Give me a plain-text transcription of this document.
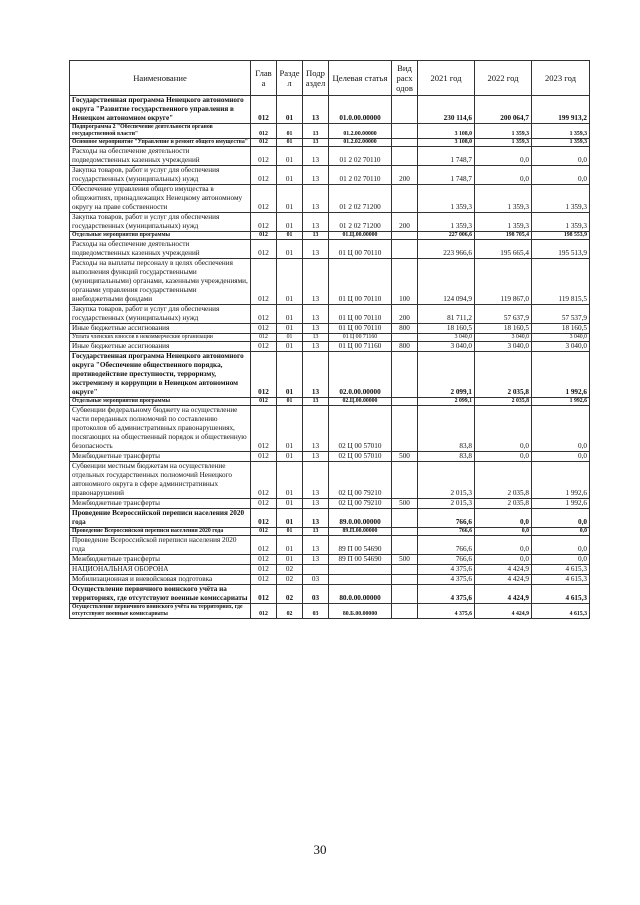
Наименование	Глав а	Разде л	Подр аздел	Целевая статья	Вид расх одов	2021 год	2022 год	2023 год
Государственная программа Ненецкого автономного округа "Развитие государственного управления в Ненецком автономном округе"	012	01	13	01.0.00.00000		230 114,6	200 064,7	199 913,2
Подпрограмма 2 "Обеспечение деятельности органов государственной власти"	012	01	13	01.2.00.00000		3 108,0	1 359,3	1 359,3
Основное мероприятие "Управление и ремонт общего имущества"	012	01	13	01.2.02.00000		3 108,0	1 359,3	1 359,3
Расходы на обеспечение деятельности подведомственных казенных учреждений	012	01	13	01 2 02 70110		1 748,7	0,0	0,0
Закупка товаров, работ и услуг для обеспечения государственных (муниципальных) нужд	012	01	13	01 2 02 70110	200	1 748,7	0,0	0,0
Обеспечение управления общего имущества в общежитиях, принадлежащих Ненецкому автономному округу на праве собственности	012	01	13	01 2 02 71200		1 359,3	1 359,3	1 359,3
Закупка товаров, работ и услуг для обеспечения государственных (муниципальных) нужд	012	01	13	01 2 02 71200	200	1 359,3	1 359,3	1 359,3
Отдельные мероприятия программы	012	01	13	01.Ц.00.00000		227 006,6	198 705,4	198 553,9
Расходы на обеспечение деятельности подведомственных казенных учреждений	012	01	13	01 Ц 00 70110		223 966,6	195 665,4	195 513,9
Расходы на выплаты персоналу в целях обеспечения выполнения функций государственными (муниципальными) органами, казенными учреждениями, органами управления государственными внебюджетными фондами	012	01	13	01 Ц 00 70110	100	124 094,9	119 867,0	119 815,5
Закупка товаров, работ и услуг для обеспечения государственных (муниципальных) нужд	012	01	13	01 Ц 00 70110	200	81 711,2	57 637,9	57 537,9
Иные бюджетные ассигнования	012	01	13	01 Ц 00 70110	800	18 160,5	18 160,5	18 160,5
Уплата членских взносов в некоммерческие организации	012	01	13	01 Ц 00 71160		3 040,0	3 040,0	3 040,0
Иные бюджетные ассигнования	012	01	13	01 Ц 00 71160	800	3 040,0	3 040,0	3 040,0
Государственная программа Ненецкого автономного округа "Обеспечение общественного порядка, противодействие преступности, терроризму, экстремизму и коррупции в Ненецком автономном округе"	012	01	13	02.0.00.00000		2 099,1	2 035,8	1 992,6
Отдельные мероприятия программы	012	01	13	02.Ц.00.00000		2 099,1	2 035,8	1 992,6
Субвенции федеральному бюджету на осуществление части переданных полномочий по составлению протоколов об административных правонарушениях, посягающих на общественный порядок и общественную безопасность	012	01	13	02 Ц 00 57010		83,8	0,0	0,0
Межбюджетные трансферты	012	01	13	02 Ц 00 57010	500	83,8	0,0	0,0
Субвенции местным бюджетам на осуществление отдельных государственных полномочий Ненецкого автономного округа в сфере административных правонарушений	012	01	13	02 Ц 00 79210		2 015,3	2 035,8	1 992,6
Межбюджетные трансферты	012	01	13	02 Ц 00 79210	500	2 015,3	2 035,8	1 992,6
Проведение Всероссийской переписи населения 2020 года	012	01	13	89.0.00.00000		766,6	0,0	0,0
Проведение Всероссийской переписи населения 2020 года	012	01	13	89.П.00.00000		766,6	0,0	0,0
Проведение Всероссийской переписи населения 2020 года	012	01	13	89 П 00 54690		766,6	0,0	0,0
Межбюджетные трансферты	012	01	13	89 П 00 54690	500	766,6	0,0	0,0
НАЦИОНАЛЬНАЯ ОБОРОНА	012	02				4 375,6	4 424,9	4 615,3
Мобилизационная и вневойсковая подготовка	012	02	03			4 375,6	4 424,9	4 615,3
Осуществление первичного воинского учёта на территориях, где отсутствуют военные комиссариаты	012	02	03	80.0.00.00000		4 375,6	4 424,9	4 615,3
Осуществление первичного воинского учёта на территориях, где отсутствуют военные комиссариаты	012	02	03	80.Б.00.00000		4 375,6	4 424,9	4 615,3
30
